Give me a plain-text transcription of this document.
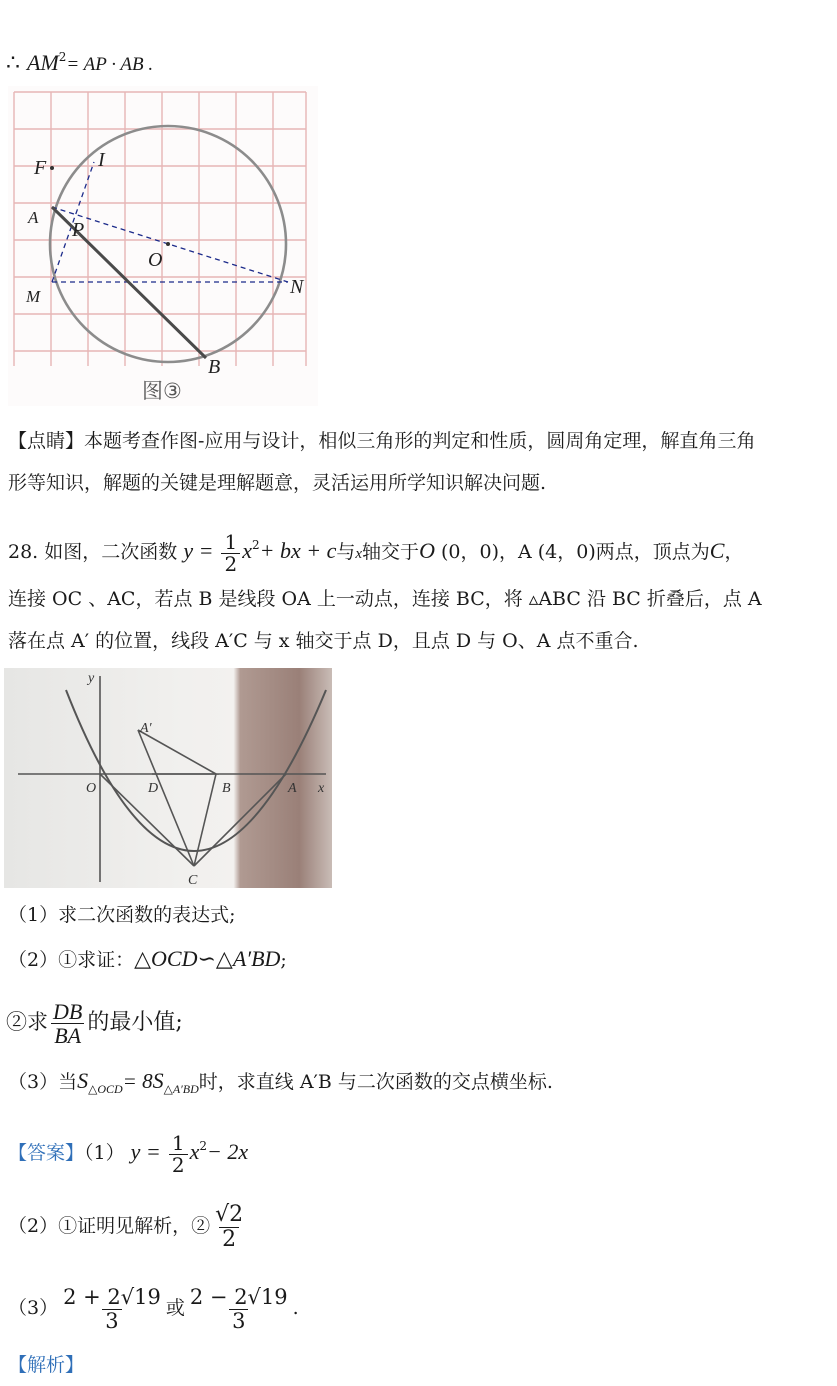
∴ $AM^2=$ AP · AB .
F	I
A
P
O
N
M
B
图③
【点睛】本题考查作图-应用与设计，相似三角形的判定和性质，圆周角定理，解直角三角
形等知识，解题的关键是理解题意，灵活运用所学知识解决问题.
28. 如图，二次函数 $y = \frac{1}{2} x^2+$ bx + c与x轴交于O (0，0)，A (4，0)两点，顶点为C，
连接 OC 、AC，若点 B 是线段 OA 上一动点，连接 BC，将 ▵ABC 沿 BC 折叠后，点 A
落在点 A′ 的位置，线段 A′C 与 x 轴交于点 D，且点 D 与 O、A 点不重合.
y
A′
O	D	B	A x
C
（1）求二次函数的表达式;
（2）①求证：△OCD∽△A′BD;
②求 $\frac{DB}{BA}$ 的最小值;
（3）当$S_{\triangle OCD}= 8S_{\triangle A'BD}$时，求直线 A′B 与二次函数的交点横坐标.
【答案】（1） $y = \frac{1}{2} x^2- 2x$
（2）①证明见解析，② $\frac{√2}{2}$
$(3) \frac{2 + 2√19}{3}$ 或 $\frac{2 - 2√19}{3}$ .
【解析】
